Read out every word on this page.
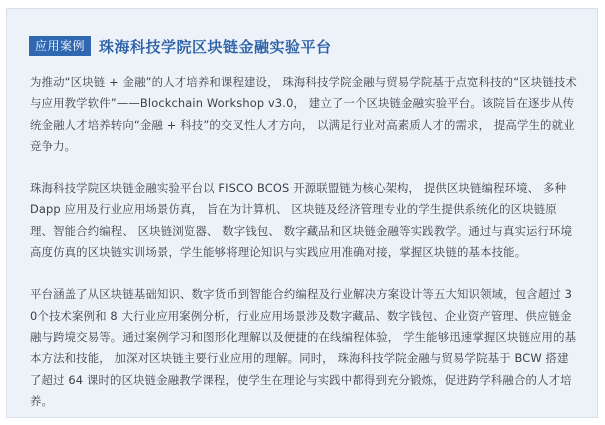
应用案例 珠海科技学院区块链金融实验平台

为推动“区块链 + 金融”的人才培养和课程建设， 珠海科技学院金融与贸易学院基于点宽科技的“区块链技术与应用教学软件”——Blockchain Workshop v3.0， 建立了一个区块链金融实验平台。该院旨在逐步从传统金融人才培养转向“金融 + 科技”的交叉性人才方向， 以满足行业对高素质人才的需求， 提高学生的就业竞争力。

珠海科技学院区块链金融实验平台以 FISCO BCOS 开源联盟链为核心架构， 提供区块链编程环境、 多种 Dapp 应用及行业应用场景仿真， 旨在为计算机、 区块链及经济管理专业的学生提供系统化的区块链原理、智能合约编程、 区块链浏览器、 数字钱包、 数字藏品和区块链金融等实践教学。通过与真实运行环境高度仿真的区块链实训场景，学生能够将理论知识与实践应用准确对接，掌握区块链的基本技能。

平台涵盖了从区块链基础知识、数字货币到智能合约编程及行业解决方案设计等五大知识领域，包含超过 30个技术案例和 8 大行业应用案例分析，行业应用场景涉及数字藏品、数字钱包、企业资产管理、供应链金融与跨境交易等。通过案例学习和图形化理解以及便捷的在线编程体验， 学生能够迅速掌握区块链应用的基本方法和技能， 加深对区块链主要行业应用的理解。同时， 珠海科技学院金融与贸易学院基于 BCW 搭建了超过 64 课时的区块链金融教学课程，使学生在理论与实践中都得到充分锻炼，促进跨学科融合的人才培养。
